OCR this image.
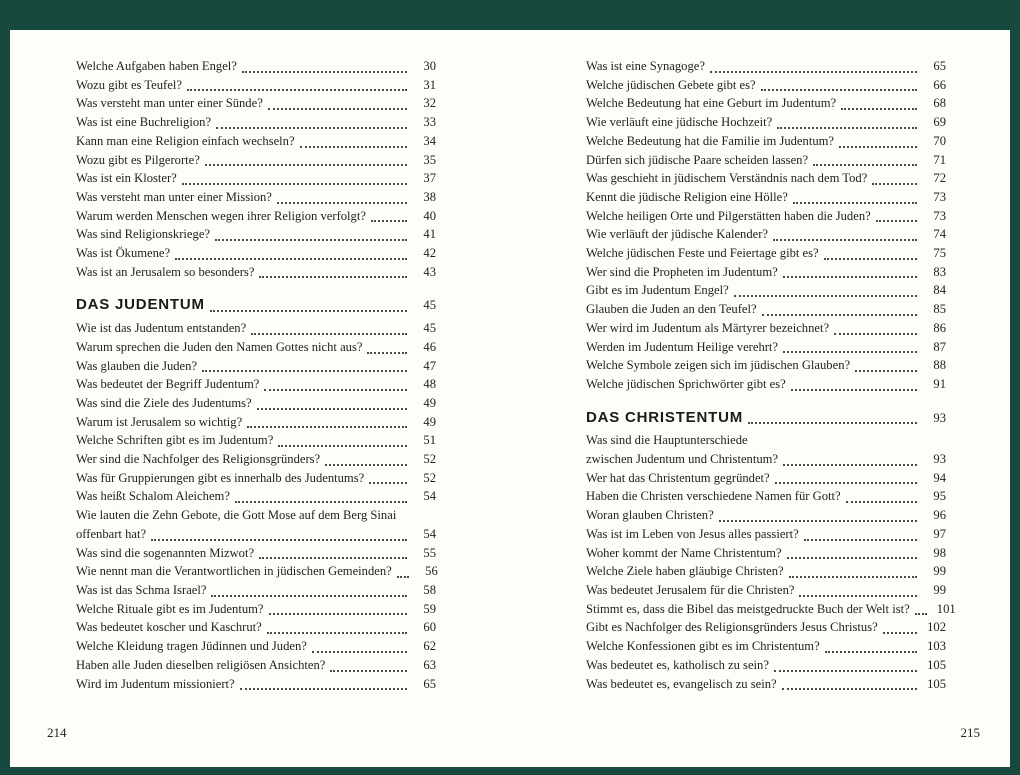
Welche Aufgaben haben Engel?	30
Wozu gibt es Teufel?	31
Was versteht man unter einer Sünde?	32
Was ist eine Buchreligion?	33
Kann man eine Religion einfach wechseln?	34
Wozu gibt es Pilgerorte?	35
Was ist ein Kloster?	37
Was versteht man unter einer Mission?	38
Warum werden Menschen wegen ihrer Religion verfolgt?	40
Was sind Religionskriege?	41
Was ist Ökumene?	42
Was ist an Jerusalem so besonders?	43
DAS JUDENTUM	45
Wie ist das Judentum entstanden?	45
Warum sprechen die Juden den Namen Gottes nicht aus?	46
Was glauben die Juden?	47
Was bedeutet der Begriff Judentum?	48
Was sind die Ziele des Judentums?	49
Warum ist Jerusalem so wichtig?	49
Welche Schriften gibt es im Judentum?	51
Wer sind die Nachfolger des Religionsgründers?	52
Was für Gruppierungen gibt es innerhalb des Judentums?	52
Was heißt Schalom Aleichem?	54
Wie lauten die Zehn Gebote, die Gott Mose auf dem Berg Sinai
offenbart hat?	54
Was sind die sogenannten Mizwot?	55
Wie nennt man die Verantwortlichen in jüdischen Gemeinden?	56
Was ist das Schma Israel?	58
Welche Rituale gibt es im Judentum?	59
Was bedeutet koscher und Kaschrut?	60
Welche Kleidung tragen Jüdinnen und Juden?	62
Haben alle Juden dieselben religiösen Ansichten?	63
Wird im Judentum missioniert?	65
214
Was ist eine Synagoge?	65
Welche jüdischen Gebete gibt es?	66
Welche Bedeutung hat eine Geburt im Judentum?	68
Wie verläuft eine jüdische Hochzeit?	69
Welche Bedeutung hat die Familie im Judentum?	70
Dürfen sich jüdische Paare scheiden lassen?	71
Was geschieht in jüdischem Verständnis nach dem Tod?	72
Kennt die jüdische Religion eine Hölle?	73
Welche heiligen Orte und Pilgerstätten haben die Juden?	73
Wie verläuft der jüdische Kalender?	74
Welche jüdischen Feste und Feiertage gibt es?	75
Wer sind die Propheten im Judentum?	83
Gibt es im Judentum Engel?	84
Glauben die Juden an den Teufel?	85
Wer wird im Judentum als Märtyrer bezeichnet?	86
Werden im Judentum Heilige verehrt?	87
Welche Symbole zeigen sich im jüdischen Glauben?	88
Welche jüdischen Sprichwörter gibt es?	91
DAS CHRISTENTUM	93
Was sind die Hauptunterschiede
zwischen Judentum und Christentum?	93
Wer hat das Christentum gegründet?	94
Haben die Christen verschiedene Namen für Gott?	95
Woran glauben Christen?	96
Was ist im Leben von Jesus alles passiert?	97
Woher kommt der Name Christentum?	98
Welche Ziele haben gläubige Christen?	99
Was bedeutet Jerusalem für die Christen?	99
Stimmt es, dass die Bibel das meistgedruckte Buch der Welt ist?	101
Gibt es Nachfolger des Religionsgründers Jesus Christus?	102
Welche Konfessionen gibt es im Christentum?	103
Was bedeutet es, katholisch zu sein?	105
Was bedeutet es, evangelisch zu sein?	105
215
